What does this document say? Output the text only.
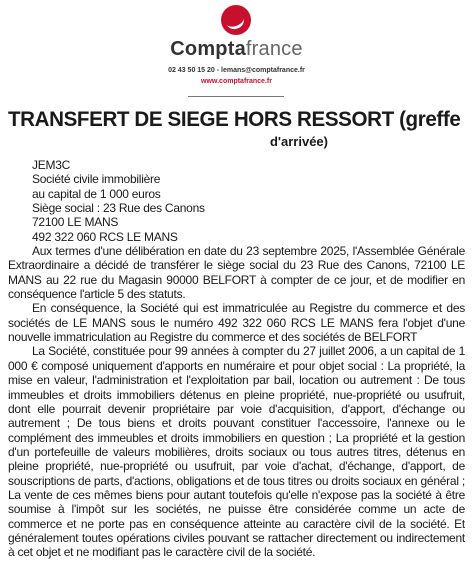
Comptafrance
02 43 50 15 20 - lemans@comptafrance.fr
www.comptafrance.fr
TRANSFERT DE SIEGE HORS RESSORT (greffe
d'arrivée)
JEM3C
Société civile immobilière
au capital de 1 000 euros
Siège social : 23 Rue des Canons
72100 LE MANS
492 322 060 RCS LE MANS

Aux termes d'une délibération en date du 23 septembre 2025, l'Assemblée Générale Extraordinaire a décidé de transférer le siège social du 23 Rue des Canons, 72100 LE MANS au 22 rue du Magasin 90000 BELFORT à compter de ce jour, et de modifier en conséquence l'article 5 des statuts.

En conséquence, la Société qui est immatriculée au Registre du commerce et des sociétés de LE MANS sous le numéro 492 322 060 RCS LE MANS fera l'objet d'une nouvelle immatriculation au Registre du commerce et des sociétés de BELFORT

La Société, constituée pour 99 années à compter du 27 juillet 2006, a un capital de 1 000 € composé uniquement d'apports en numéraire et pour objet social : La propriété, la mise en valeur, l'administration et l'exploitation par bail, location ou autrement : De tous immeubles et droits immobiliers détenus en pleine propriété, nue-propriété ou usufruit, dont elle pourrait devenir propriétaire par voie d'acquisition, d'apport, d'échange ou autrement ; De tous biens et droits pouvant constituer l'accessoire, l'annexe ou le complément des immeubles et droits immobiliers en question ; La propriété et la gestion d'un portefeuille de valeurs mobilières, droits sociaux ou tous autres titres, détenus en pleine propriété, nue-propriété ou usufruit, par voie d'achat, d'échange, d'apport, de souscriptions de parts, d'actions, obligations et de tous titres ou droits sociaux en général ; La vente de ces mêmes biens pour autant toutefois qu'elle n'expose pas la société à être soumise à l'impôt sur les sociétés, ne puisse être considérée comme un acte de commerce et ne porte pas en conséquence atteinte au caractère civil de la société. Et généralement toutes opérations civiles pouvant se rattacher directement ou indirectement à cet objet et ne modifiant pas le caractère civil de la société.
